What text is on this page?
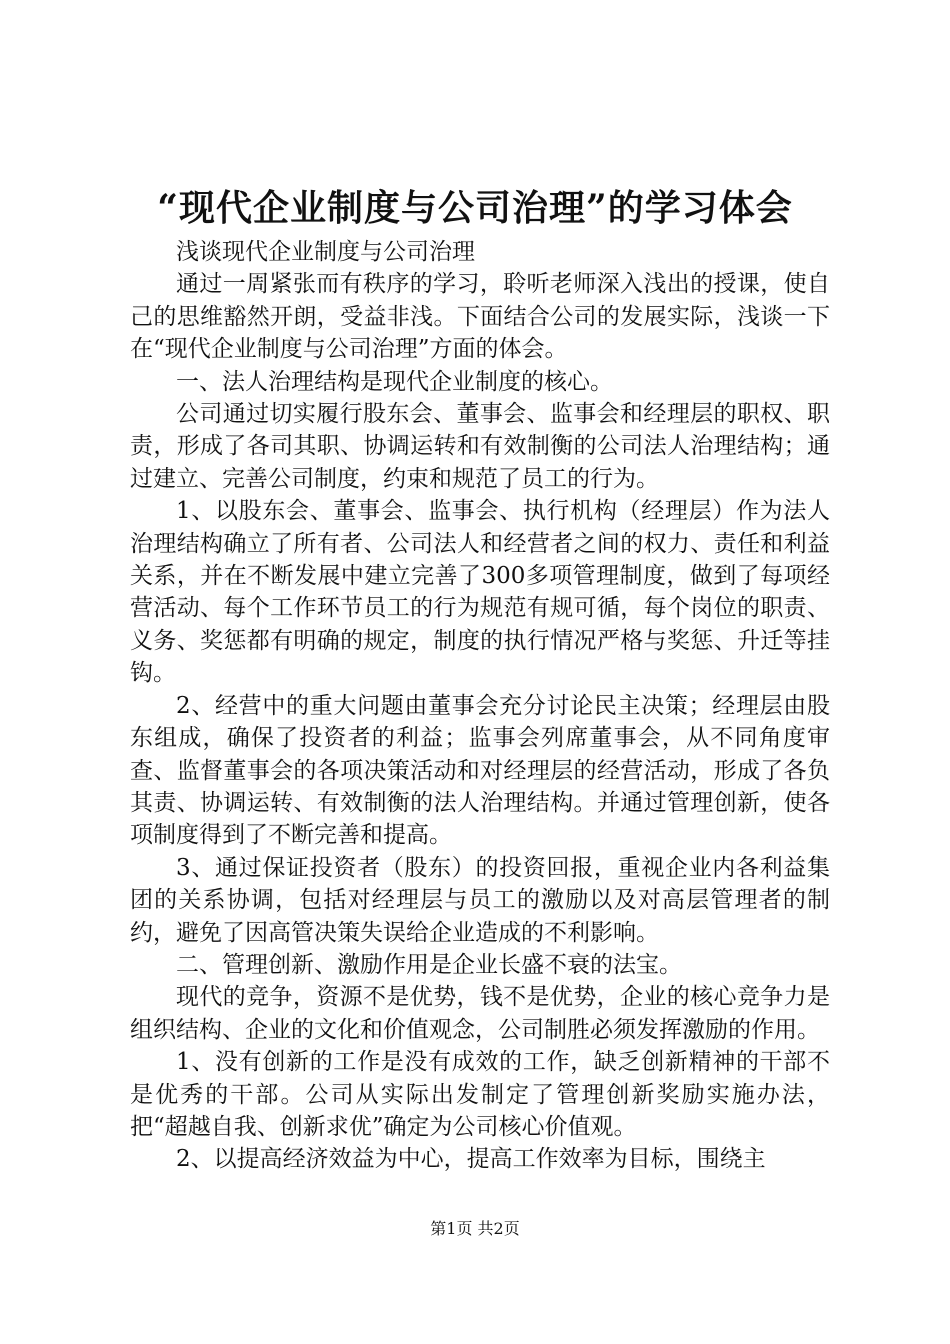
“现代企业制度与公司治理”的学习体会

浅谈现代企业制度与公司治理

通过一周紧张而有秩序的学习，聆听老师深入浅出的授课，使自己的思维豁然开朗，受益非浅。下面结合公司的发展实际，浅谈一下在“现代企业制度与公司治理”方面的体会。

一、法人治理结构是现代企业制度的核心。

公司通过切实履行股东会、董事会、监事会和经理层的职权、职责，形成了各司其职、协调运转和有效制衡的公司法人治理结构；通过建立、完善公司制度，约束和规范了员工的行为。

1、以股东会、董事会、监事会、执行机构（经理层）作为法人治理结构确立了所有者、公司法人和经营者之间的权力、责任和利益关系，并在不断发展中建立完善了300多项管理制度，做到了每项经营活动、每个工作环节员工的行为规范有规可循，每个岗位的职责、义务、奖惩都有明确的规定，制度的执行情况严格与奖惩、升迁等挂钩。

2、经营中的重大问题由董事会充分讨论民主决策；经理层由股东组成，确保了投资者的利益；监事会列席董事会，从不同角度审查、监督董事会的各项决策活动和对经理层的经营活动，形成了各负其责、协调运转、有效制衡的法人治理结构。并通过管理创新，使各项制度得到了不断完善和提高。

3、通过保证投资者（股东）的投资回报，重视企业内各利益集团的关系协调，包括对经理层与员工的激励以及对高层管理者的制约，避免了因高管决策失误给企业造成的不利影响。

二、管理创新、激励作用是企业长盛不衰的法宝。

现代的竞争，资源不是优势，钱不是优势，企业的核心竞争力是组织结构、企业的文化和价值观念，公司制胜必须发挥激励的作用。

1、没有创新的工作是没有成效的工作，缺乏创新精神的干部不是优秀的干部。公司从实际出发制定了管理创新奖励实施办法，把“超越自我、创新求优”确定为公司核心价值观。

2、以提高经济效益为中心，提高工作效率为目标，围绕主

第1页 共2页
